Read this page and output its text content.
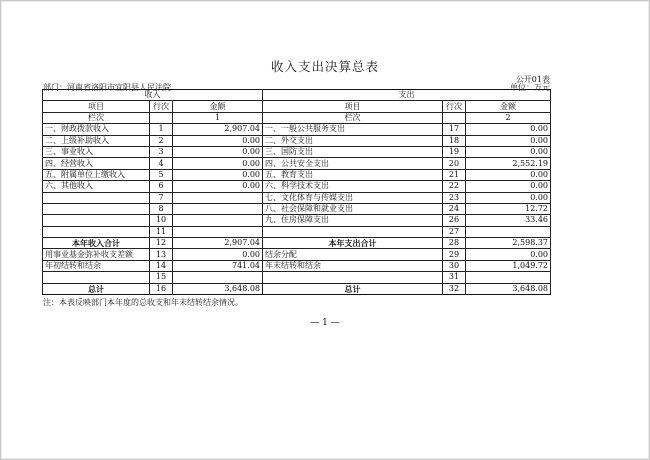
收入支出决算总表
公开01表
部门：河南省洛阳市宜阳县人民法院	单位：万元
收入			支出		
项目	行次	金额	项目	行次	金额
栏次		1	栏次		2
一、财政拨款收入	1	2,907.04	一、一般公共服务支出	17	0.00
二、上级补助收入	2	0.00	二、外交支出	18	0.00
三、事业收入	3	0.00	三、国防支出	19	0.00
四、经营收入	4	0.00	四、公共安全支出	20	2,552.19
五、附属单位上缴收入	5	0.00	五、教育支出	21	0.00
六、其他收入	6	0.00	六、科学技术支出	22	0.00
	7		七、文化体育与传媒支出	23	0.00
	8		八、社会保障和就业支出	24	12.72
	10		九、住房保障支出	26	33.46
	11			27	
本年收入合计	12	2,907.04	本年支出合计	28	2,598.37
用事业基金弥补收支差额	13	0.00	结余分配	29	0.00
年初结转和结余	14	741.04	年末结转和结余	30	1,049.72
	15			31	
总计	16	3,648.08	总计	32	3,648.08
注：本表反映部门本年度的总收支和年末结转结余情况。
— 1 —
